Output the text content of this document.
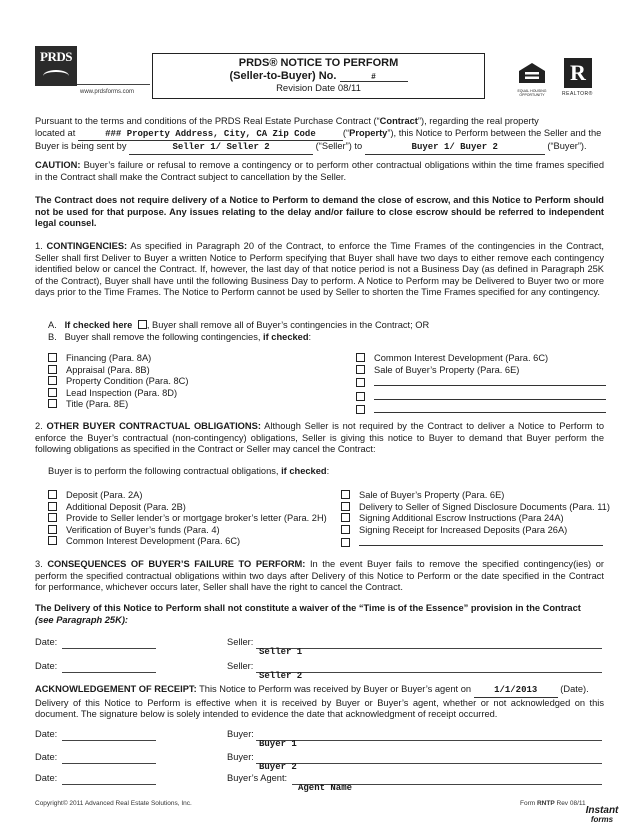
PRDS
www.prdsforms.com
PRDS® NOTICE TO PERFORM
(Seller-to-Buyer) No.	#
Revision Date 08/11	EQUAL HOUSING OPPORTUNITY
R
REALTOR®
Pursuant to the terms and conditions of the PRDS Real Estate Purchase Contract (“Contract”), regarding the real property
located at	### Property Address, City, CA Zip Code	(“Property”), this Notice to Perform between the Seller and the
Buyer is being sent by	Seller 1/ Seller 2	(“Seller”) to	Buyer 1/ Buyer 2	(“Buyer”).
CAUTION: Buyer’s failure or refusal to remove a contingency or to perform other contractual obligations within the time frames specified in the Contract shall make the Contract subject to cancellation by the Seller.
The Contract does not require delivery of a Notice to Perform to demand the close of escrow, and this Notice to Perform should not be used for that purpose. Any issues relating to the delay and/or failure to close escrow should be referred to independent legal counsel.
1. CONTINGENCIES: As specified in Paragraph 20 of the Contract, to enforce the Time Frames of the contingencies in the Contract, Seller shall first Deliver to Buyer a written Notice to Perform specifying that Buyer shall have two days to either remove each contingency identified below or cancel the Contract. If, however, the last day of that notice period is not a Business Day (as defined in Paragraph 25K of the Contract), Buyer shall have until the following Business Day to perform. A Notice to Perform may be Delivered to Buyer two or more days prior to the Time Frames. The Notice to Perform cannot be used by Seller to shorten the Time Frames specified for any contingency.
A. If checked here , Buyer shall remove all of Buyer’s contingencies in the Contract; OR
B. Buyer shall remove the following contingencies, if checked:
Financing (Para. 8A)
Appraisal (Para. 8B)
Property Condition (Para. 8C)
Lead Inspection (Para. 8D)
Title (Para. 8E)
Common Interest Development (Para. 6C)
Sale of Buyer’s Property (Para. 6E)
2. OTHER BUYER CONTRACTUAL OBLIGATIONS: Although Seller is not required by the Contract to deliver a Notice to Perform to enforce the Buyer’s contractual (non-contingency) obligations, Seller is giving this notice to Buyer to demand that Buyer perform the following obligations as specified in the Contract or Seller may cancel the Contract:
Buyer is to perform the following contractual obligations, if checked:
Deposit (Para. 2A)
Additional Deposit (Para. 2B)
Provide to Seller lender’s or mortgage broker’s letter (Para. 2H)
Verification of Buyer’s funds (Para. 4)
Common Interest Development (Para. 6C)
Sale of Buyer’s Property (Para. 6E)
Delivery to Seller of Signed Disclosure Documents (Para. 11)
Signing Additional Escrow Instructions (Para 24A)
Signing Receipt for Increased Deposits (Para 26A)
3. CONSEQUENCES OF BUYER’S FAILURE TO PERFORM: In the event Buyer fails to remove the specified contingency(ies) or perform the specified contractual obligations within two days after Delivery of this Notice to Perform or the date specified in the Contract for performance, whichever occurs later, Seller shall have the right to cancel the Contract.
The Delivery of this Notice to Perform shall not constitute a waiver of the “Time is of the Essence” provision in the Contract
(see Paragraph 25K):
Date:	Seller:
Seller 1
Date:	Seller:
Seller 2
ACKNOWLEDGEMENT OF RECEIPT: This Notice to Perform was received by Buyer or Buyer’s agent on	1/1/2013 (Date).
Delivery of this Notice to Perform is effective when it is received by Buyer or Buyer’s agent, whether or not acknowledged on this document. The signature below is solely intended to evidence the date that acknowledgment of receipt occurred.
Date:	Buyer:
Buyer 1
Date:	Buyer:
Buyer 2
Date:	Buyer’s Agent:
Agent Name
Copyright© 2011 Advanced Real Estate Solutions, Inc.	Form RNTP Rev 08/11
Instant
forms
